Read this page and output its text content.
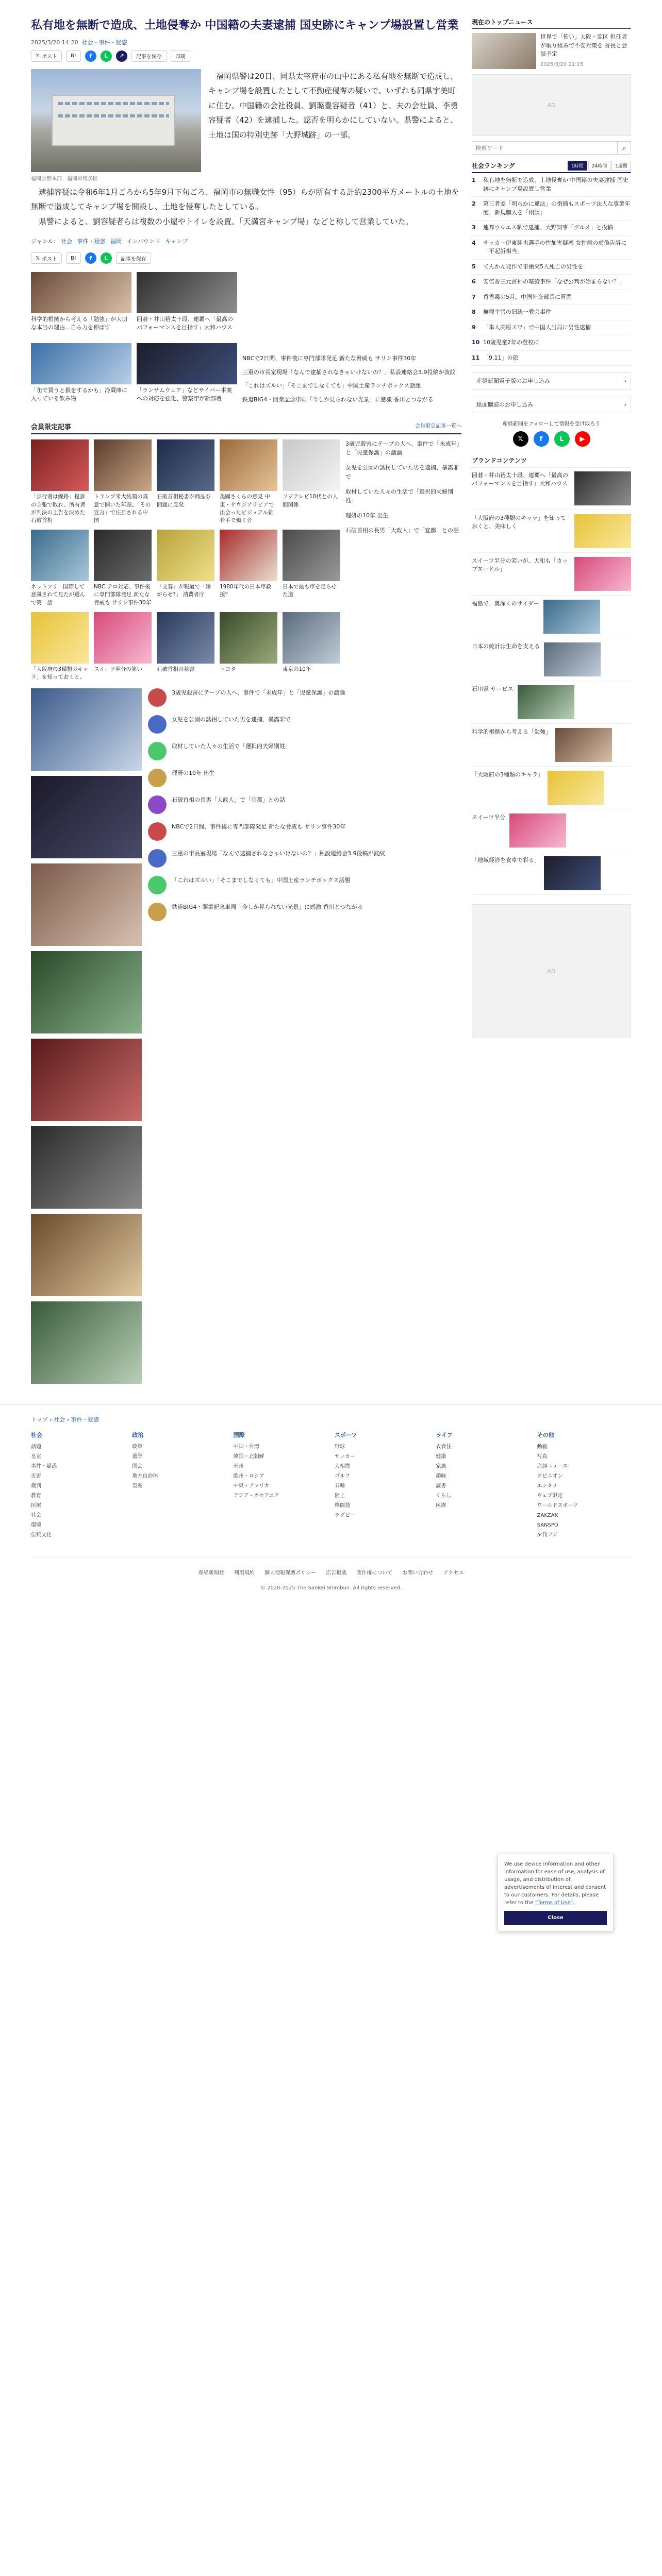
私有地を無断で造成、土地侵奪か 中国籍の夫妻逮捕 国史跡にキャンプ場設置し営業
2025/3/20 14:20 社会・事件・疑惑
𝕏 ポスト	B!	f	L	↗	記事を保存	印刷
福岡県警本部＝福岡市博多区

福岡県警は20日、同県太宰府市の山中にある私有地を無断で造成し、キャンプ場を設置したとして不動産侵奪の疑いで、いずれも同県宇美町に住む、中国籍の会社役員、劉璐豊容疑者（41）と、夫の会社員、李勇容疑者（42）を逮捕した。認否を明らかにしていない。県警によると、土地は国の特別史跡「大野城跡」の一部。

逮捕容疑は令和6年1月ごろから5年9月下旬ごろ、福岡市の無職女性（95）らが所有する計約2300平方メートルの土地を無断で造成してキャンプ場を開設し、土地を侵奪したとしている。

県警によると、劉容疑者らは複数の小屋やトイレを設置。「天満宮キャンプ場」などと称して営業していた。

ジャンル： 社会 事件・疑惑 福岡 インバウンド キャンプ
𝕏 ポスト	B!	f	L	記事を保存
科学的根拠から考える「勉強」が大切な本当の理由…自ら力を伸ばす
囲碁・井山裕太十段、連覇へ「最高のパフォーマンスを目指す」大和ハウス
「缶で買うと損をするかも」冷蔵庫に入っている飲み物
「ランサムウェア」などサイバー事案への対応を強化、警察庁が新部署
NBCで2日間、事件後に専門部隊発足 新たな脅威も サリン事件30年
三重の市長室現場「なんで逮捕されなきゃいけないの？」私設連絡会3.9投稿が波紋
「これはズルい」「そこまでしなくても」中国土産ランチボックス話題
鉄道BIG4・開業記念車両「今しか見られない光景」に感激 香川とつながる
会員限定記事	会員限定記事一覧へ
「歩行者は線路」提訴の主張で敗れ、所有者が判決の上告を決めた石破首相
トランプ米大統領の真意で開いた年頭、「その宣言」で注目される中国
石破首相秘書が商品券問題に反発
美國さくらの意見 中東・サウジアラビアで出会ったビジュアル雑 若手で働く音
フジテレビ10代との人間関係
ネットフリ一国際して意識されて見たが選んで第一話
NBC テロ対応、事件後に専門部隊発足 新たな脅威も サリン事件30年
「文春」が報道で「嫌がらせ?」 消費者庁
1980年代の日本車救援？
日本で最も車を走らせた道
「大阪府の3種類のキャラ」を知っておくと、
スイーツ半分の笑い	石破首相の秘書	トヨタ	東京の10年
3歳児殺害にテーブの人へ、事件で「未成年」と「児童保護」の議論
女児を公園の誘拐していた男を逮捕、暴露罪で
取材していた人々の生活で「選択的夫婦別姓」
理研の10年 出生
石破首相の長男「大政人」で「宜都」との話
3歳児殺害にテーブの人へ、事件で「未成年」と「児童保護」の議論
女児を公園の誘拐していた男を逮捕、暴露罪で
取材していた人々の生活で「選択的夫婦別姓」
理研の10年 出生
石破首相の長男「大政人」で「宜都」との話
NBCで2日間、事件後に専門部隊発足 新たな脅威も サリン事件30年
三重の市長室現場「なんで逮捕されなきゃいけないの？」私設連絡会3.9投稿が波紋
「これはズルい」「そこまでしなくても」中国土産ランチボックス話題
鉄道BIG4・開業記念車両「今しか見られない光景」に感激 香川とつながる
現在のトップニュース
世界で「怖い」大阪・淀区 担任者が取り組みで不安対策を 首長と会談予定
2025/3/20 21:15
AD
検索ワード
⌕
社会ランキング	1時間	24時間	1週間
1	私有地を無断で造成、土地侵奪か 中国籍の夫妻逮捕 国史跡にキャンプ場設置し営業
2	第三者委「明らかに違法」の指摘もスポーツ法人な事業年度、新規購入を「相談」
3	連邦ウルエス駅で逮捕、大野知事「グルメ」と投稿
4	サッカー伊東純也選手の性加害疑惑 女性側の虚偽告訴に「不起訴相当」
5	てんかん発作で車衝突5人死亡の男性を
6	安倍晋三元首相の暗殺事件「なぜ公判が始まらない？」
7	香香毒の5月，中国外交部長に質問
8	無罪主張の旧統一教会事件
9	「隼人高原スワ」で中国人当局に男性逮捕
10 10歳児童2年の登校に
11 「9.11」の旅
産経新聞電子版のお申し込み	›
紙面購読のお申し込み	›
産経新聞をフォローして情報を受け取ろう
𝕏	f	L	▶
ブランドコンテンツ
囲碁・井山裕太十段、連覇へ「最高のパフォーマンスを目指す」大和ハウス
「大阪府の3種類のキャラ」を知っておくと、美味しく
スイーツ半分の笑いが、大和も「カップヌードル」
福島で、奥深くのサイダー
日本の統計は生命を支える
石川県 サービス
科学的根拠から考える「勉強」
「大阪府の3種類のキャラ」
スイーツ半分
「地域経済を食卓で彩る」
AD
We use device information and other information for ease of use, analysis of usage, and distribution of advertisements of interest and consent to our customers. For details, please refer to the "Terms of Use".
Close
トップ › 社会 › 事件・疑惑
社会
話題
皇室
事件・疑惑
災害
裁判
教育
医療
社会
環境
伝統文化
政治
政策
選挙
国会
地方自治体
皇室
国際
中国・台湾
韓国・北朝鮮
米州
欧州・ロシア
中東・アフリカ
アジア・オセアニア
スポーツ
野球
サッカー
大相撲
ゴルフ
五輪
陸上
格闘技
ラグビー
ライフ
衣食住
健康
家族
趣味
読書
くらし
医療
その他
動画
写真
産経ニュース
オピニオン
エンタメ
ウェブ限定
ワールドスポーツ
ZAKZAK
SANSPO
夕刊フジ
産経新聞社 利用規約 個人情報保護ポリシー 広告掲載 著作権について お問い合わせ アクセス
© 2020-2025 The Sankei Shimbun. All rights reserved.
